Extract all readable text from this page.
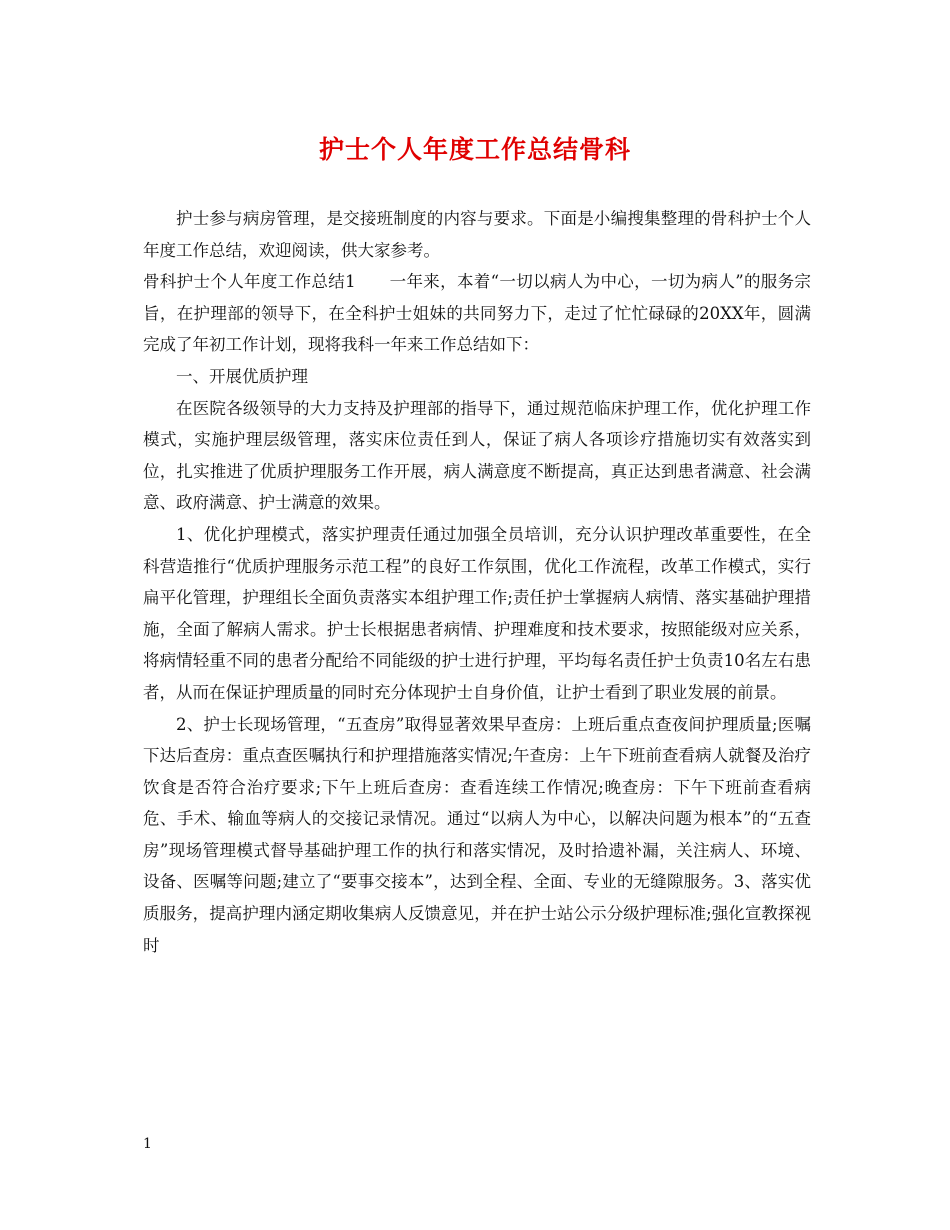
护士个人年度工作总结骨科

护士参与病房管理，是交接班制度的内容与要求。下面是小编搜集整理的骨科护士个人年度工作总结，欢迎阅读，供大家参考。

骨科护士个人年度工作总结1　　一年来，本着“一切以病人为中心，一切为病人”的服务宗旨，在护理部的领导下，在全科护士姐妹的共同努力下，走过了忙忙碌碌的20XX年，圆满完成了年初工作计划，现将我科一年来工作总结如下：

一、开展优质护理

在医院各级领导的大力支持及护理部的指导下，通过规范临床护理工作，优化护理工作模式，实施护理层级管理，落实床位责任到人，保证了病人各项诊疗措施切实有效落实到位，扎实推进了优质护理服务工作开展，病人满意度不断提高，真正达到患者满意、社会满意、政府满意、护士满意的效果。

1、优化护理模式，落实护理责任通过加强全员培训，充分认识护理改革重要性，在全科营造推行“优质护理服务示范工程”的良好工作氛围，优化工作流程，改革工作模式，实行扁平化管理，护理组长全面负责落实本组护理工作;责任护士掌握病人病情、落实基础护理措施，全面了解病人需求。护士长根据患者病情、护理难度和技术要求，按照能级对应关系，将病情轻重不同的患者分配给不同能级的护士进行护理，平均每名责任护士负责10名左右患者，从而在保证护理质量的同时充分体现护士自身价值，让护士看到了职业发展的前景。

2、护士长现场管理，“五查房”取得显著效果早查房：上班后重点查夜间护理质量;医嘱下达后查房：重点查医嘱执行和护理措施落实情况;午查房：上午下班前查看病人就餐及治疗饮食是否符合治疗要求;下午上班后查房：查看连续工作情况;晚查房：下午下班前查看病危、手术、输血等病人的交接记录情况。通过“以病人为中心，以解决问题为根本”的“五查房”现场管理模式督导基础护理工作的执行和落实情况，及时拾遗补漏，关注病人、环境、设备、医嘱等问题;建立了“要事交接本”，达到全程、全面、专业的无缝隙服务。3、落实优质服务，提高护理内涵定期收集病人反馈意见，并在护士站公示分级护理标准;强化宣教探视时

1
